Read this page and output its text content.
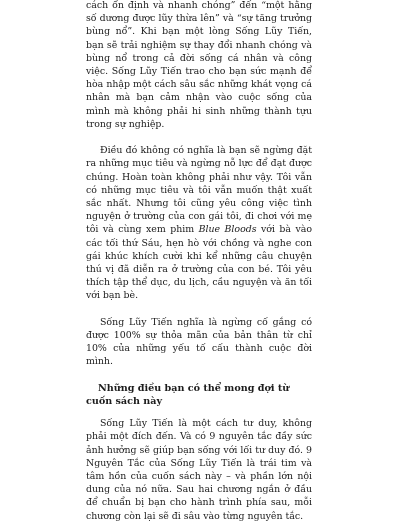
cách ổn định và nhanh chóng” đến “một hằng số dương được lũy thừa lên” và “sự tăng trưởng bùng nổ”. Khi bạn một lòng Sống Lũy Tiến, bạn sẽ trải nghiệm sự thay đổi nhanh chóng và bùng nổ trong cả đời sống cá nhân và công việc. Sống Lũy Tiến trao cho bạn sức mạnh để hòa nhập một cách sâu sắc những khát vọng cá nhân mà bạn cảm nhận vào cuộc sống của mình mà không phải hi sinh những thành tựu trong sự nghiệp.

Điều đó không có nghĩa là bạn sẽ ngừng đặt ra những mục tiêu và ngừng nỗ lực để đạt được chúng. Hoàn toàn không phải như vậy. Tôi vẫn có những mục tiêu và tôi vẫn muốn thật xuất sắc nhất. Nhưng tôi cũng yêu công việc tình nguyện ở trường của con gái tôi, đi chơi với mẹ tôi và cùng xem phim Blue Bloods với bà vào các tối thứ Sáu, hẹn hò với chồng và nghe con gái khúc khích cười khi kể những câu chuyện thú vị đã diễn ra ở trường của con bé. Tôi yêu thích tập thể dục, du lịch, cầu nguyện và ăn tối với bạn bè.

Sống Lũy Tiến nghĩa là ngừng cố gắng có được 100% sự thỏa mãn của bản thân từ chỉ 10% của những yếu tố cấu thành cuộc đời mình.

Những điều bạn có thể mong đợi từ cuốn sách này

Sống Lũy Tiến là một cách tư duy, không phải một đích đến. Và có 9 nguyên tắc đầy sức ảnh hưởng sẽ giúp bạn sống với lối tư duy đó. 9 Nguyên Tắc của Sống Lũy Tiến là trái tim và tâm hồn của cuốn sách này – và phần lớn nội dung của nó nữa. Sau hai chương ngắn ở đầu để chuẩn bị bạn cho hành trình phía sau, mỗi chương còn lại sẽ đi sâu vào từng nguyên tắc.
